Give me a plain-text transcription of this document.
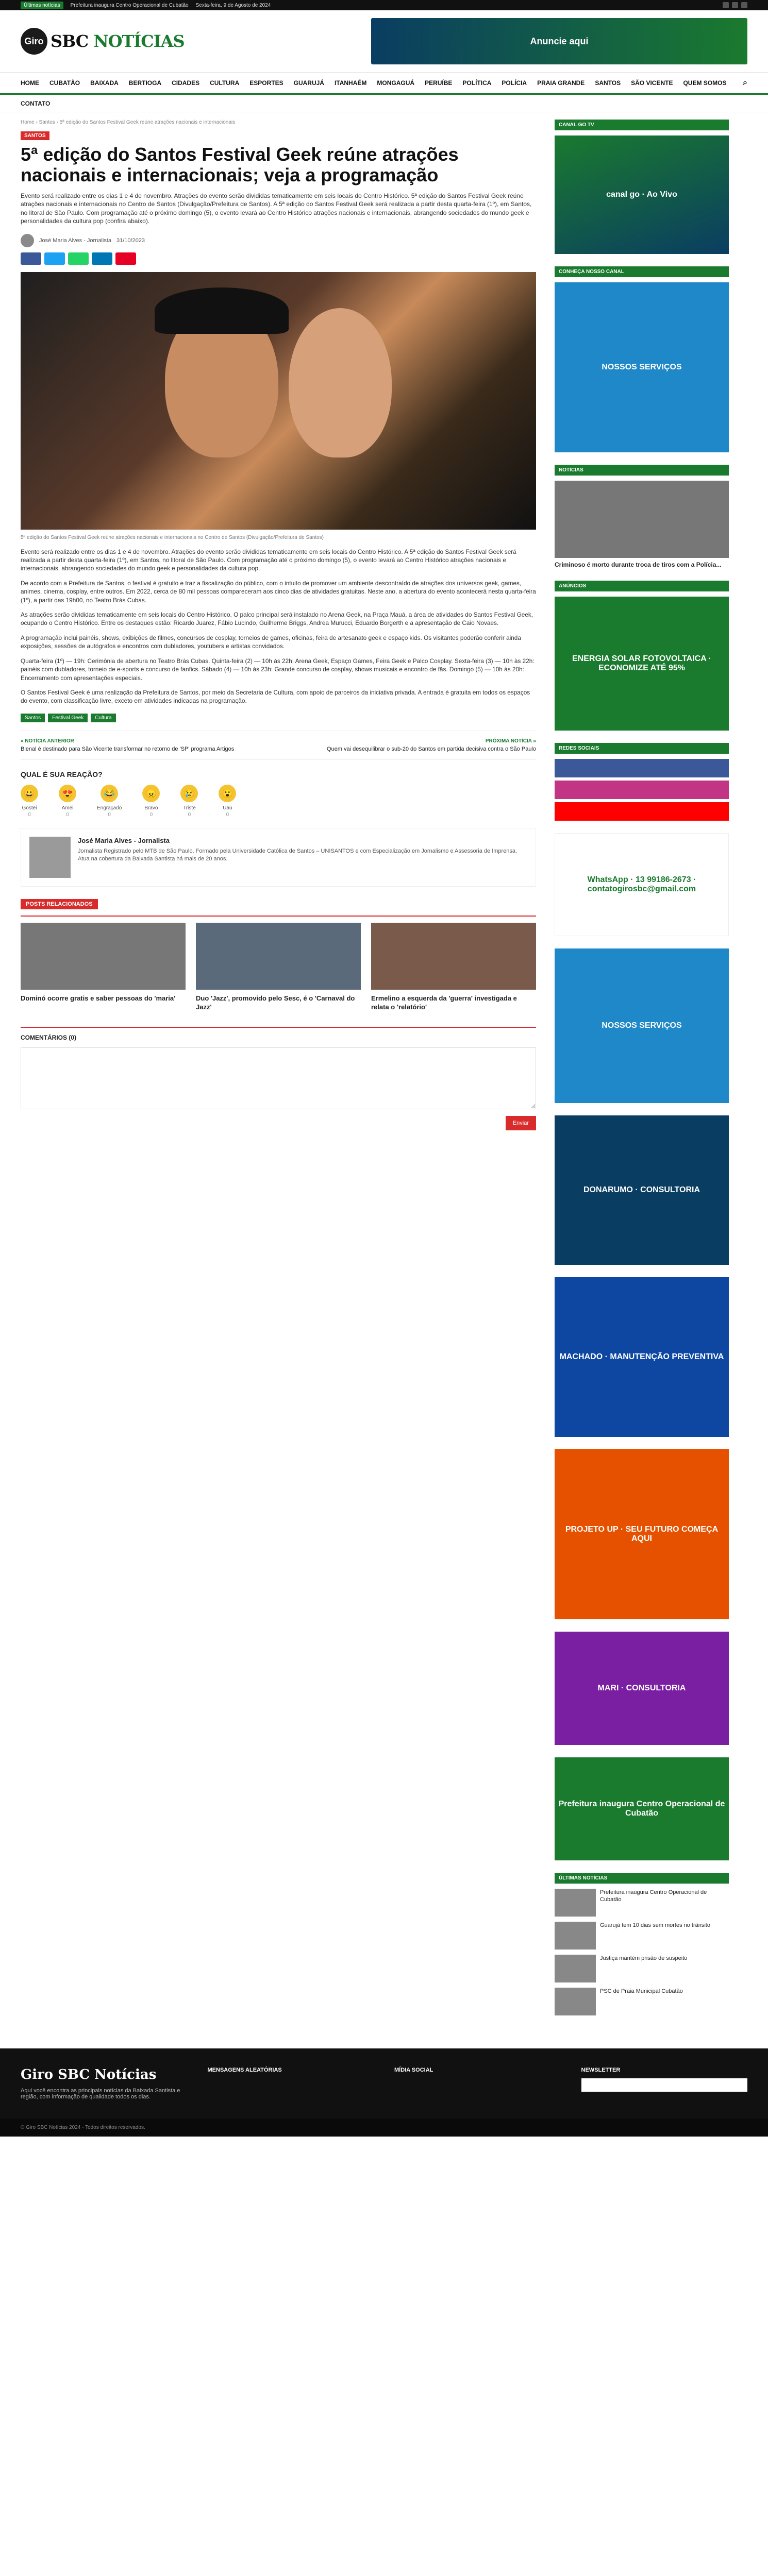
Últimas notícias	Prefeitura inaugura Centro Operacional de Cubatão Sexta-feira, 9 de Agosto de 2024
Giro SBC NOTÍCIAS	Anuncie aqui
HOME CUBATÃO BAIXADA BERTIOGA CIDADES CULTURA ESPORTES GUARUJÁ ITANHAÉM MONGAGUÁ PERUÍBE POLÍTICA POLÍCIA PRAIA GRANDE SANTOS SÃO VICENTE QUEM SOMOS ⌕
CONTATO
Home › Santos › 5ª edição do Santos Festival Geek reúne atrações nacionais e internacionais
SANTOS
5ª edição do Santos Festival Geek reúne atrações nacionais e internacionais; veja a programação

Evento será realizado entre os dias 1 e 4 de novembro. Atrações do evento serão divididas tematicamente em seis locais do Centro Histórico. 5ª edição do Santos Festival Geek reúne atrações nacionais e internacionais no Centro de Santos (Divulgação/Prefeitura de Santos). A 5ª edição do Santos Festival Geek será realizada a partir desta quarta-feira (1º), em Santos, no litoral de São Paulo. Com programação até o próximo domingo (5), o evento levará ao Centro Histórico atrações nacionais e internacionais, abrangendo sociedades do mundo geek e personalidades da cultura pop (confira abaixo).

José Maria Alves - Jornalista 31/10/2023
5ª edição do Santos Festival Geek reúne atrações nacionais e internacionais no Centro de Santos (Divulgação/Prefeitura de Santos)

Evento será realizado entre os dias 1 e 4 de novembro. Atrações do evento serão divididas tematicamente em seis locais do Centro Histórico. A 5ª edição do Santos Festival Geek será realizada a partir desta quarta-feira (1º), em Santos, no litoral de São Paulo. Com programação até o próximo domingo (5), o evento levará ao Centro Histórico atrações nacionais e internacionais, abrangendo sociedades do mundo geek e personalidades da cultura pop.

De acordo com a Prefeitura de Santos, o festival é gratuito e traz a fiscalização do público, com o intuito de promover um ambiente descontraído de atrações dos universos geek, games, animes, cinema, cosplay, entre outros. Em 2022, cerca de 80 mil pessoas compareceram aos cinco dias de atividades gratuitas. Neste ano, a abertura do evento acontecerá nesta quarta-feira (1º), a partir das 19h00, no Teatro Brás Cubas.

As atrações serão divididas tematicamente em seis locais do Centro Histórico. O palco principal será instalado no Arena Geek, na Praça Mauá, a área de atividades do Santos Festival Geek, ocupando o Centro Histórico. Entre os destaques estão: Ricardo Juarez, Fábio Lucindo, Guilherme Briggs, Andrea Murucci, Eduardo Borgerth e a apresentação de Caio Novaes.

A programação inclui painéis, shows, exibições de filmes, concursos de cosplay, torneios de games, oficinas, feira de artesanato geek e espaço kids. Os visitantes poderão conferir ainda exposições, sessões de autógrafos e encontros com dubladores, youtubers e artistas convidados.

Quarta-feira (1º) — 19h: Cerimônia de abertura no Teatro Brás Cubas. Quinta-feira (2) — 10h às 22h: Arena Geek, Espaço Games, Feira Geek e Palco Cosplay. Sexta-feira (3) — 10h às 22h: painéis com dubladores, torneio de e-sports e concurso de fanfics. Sábado (4) — 10h às 23h: Grande concurso de cosplay, shows musicais e encontro de fãs. Domingo (5) — 10h às 20h: Encerramento com apresentações especiais.

O Santos Festival Geek é uma realização da Prefeitura de Santos, por meio da Secretaria de Cultura, com apoio de parceiros da iniciativa privada. A entrada é gratuita em todos os espaços do evento, com classificação livre, exceto em atividades indicadas na programação.

Santos	Festival Geek	Cultura
« NOTÍCIA ANTERIOR
Bienal é destinado para São Vicente transformar no retorno de 'SP' programa Artigos
PRÓXIMA NOTÍCIA »
Quem vai desequilibrar o sub-20 do Santos em partida decisiva contra o São Paulo
QUAL É SUA REAÇÃO?
😀
Gostei
0
😍
Amei
0
😂
Engraçado
0
😠
Bravo
0
😢
Triste
0
😮
Uau
0
José Maria Alves - Jornalista

Jornalista Registrado pelo MTB de São Paulo. Formado pela Universidade Católica de Santos – UNISANTOS e com Especialização em Jornalismo e Assessoria de Imprensa. Atua na cobertura da Baixada Santista há mais de 20 anos.

POSTS RELACIONADOS
Dominó ocorre gratis e saber pessoas do 'maria'	Duo 'Jazz', promovido pelo Sesc, é o 'Carnaval do Jazz'
Ermelino a esquerda da 'guerra' investigada e relata o 'relatório'
COMENTÁRIOS (0)
Enviar
CANAL GO TV
canal go · Ao Vivo
CONHEÇA NOSSO CANAL
NOSSOS SERVIÇOS
NOTÍCIAS
Criminoso é morto durante troca de tiros com a Polícia...
ANÚNCIOS
ENERGIA SOLAR FOTOVOLTAICA · ECONOMIZE ATÉ 95%
REDES SOCIAIS
WhatsApp · 13 99186-2673 · contatogirosbc@gmail.com
NOSSOS SERVIÇOS
DONARUMO · CONSULTORIA
MACHADO · MANUTENÇÃO PREVENTIVA
PROJETO UP · SEU FUTURO COMEÇA AQUI
MARI · CONSULTORIA
Prefeitura inaugura Centro Operacional de Cubatão
ÚLTIMAS NOTÍCIAS
Prefeitura inaugura Centro Operacional de Cubatão
Guarujá tem 10 dias sem mortes no trânsito
Justiça mantém prisão de suspeito
PSC de Praia Municipal Cubatão
Giro SBC Notícias

Aqui você encontra as principais notícias da Baixada Santista e região, com informação de qualidade todos os dias.

MENSAGENS ALEATÓRIAS	MÍDIA SOCIAL	NEWSLETTER
© Giro SBC Notícias 2024 - Todos direitos reservados.
